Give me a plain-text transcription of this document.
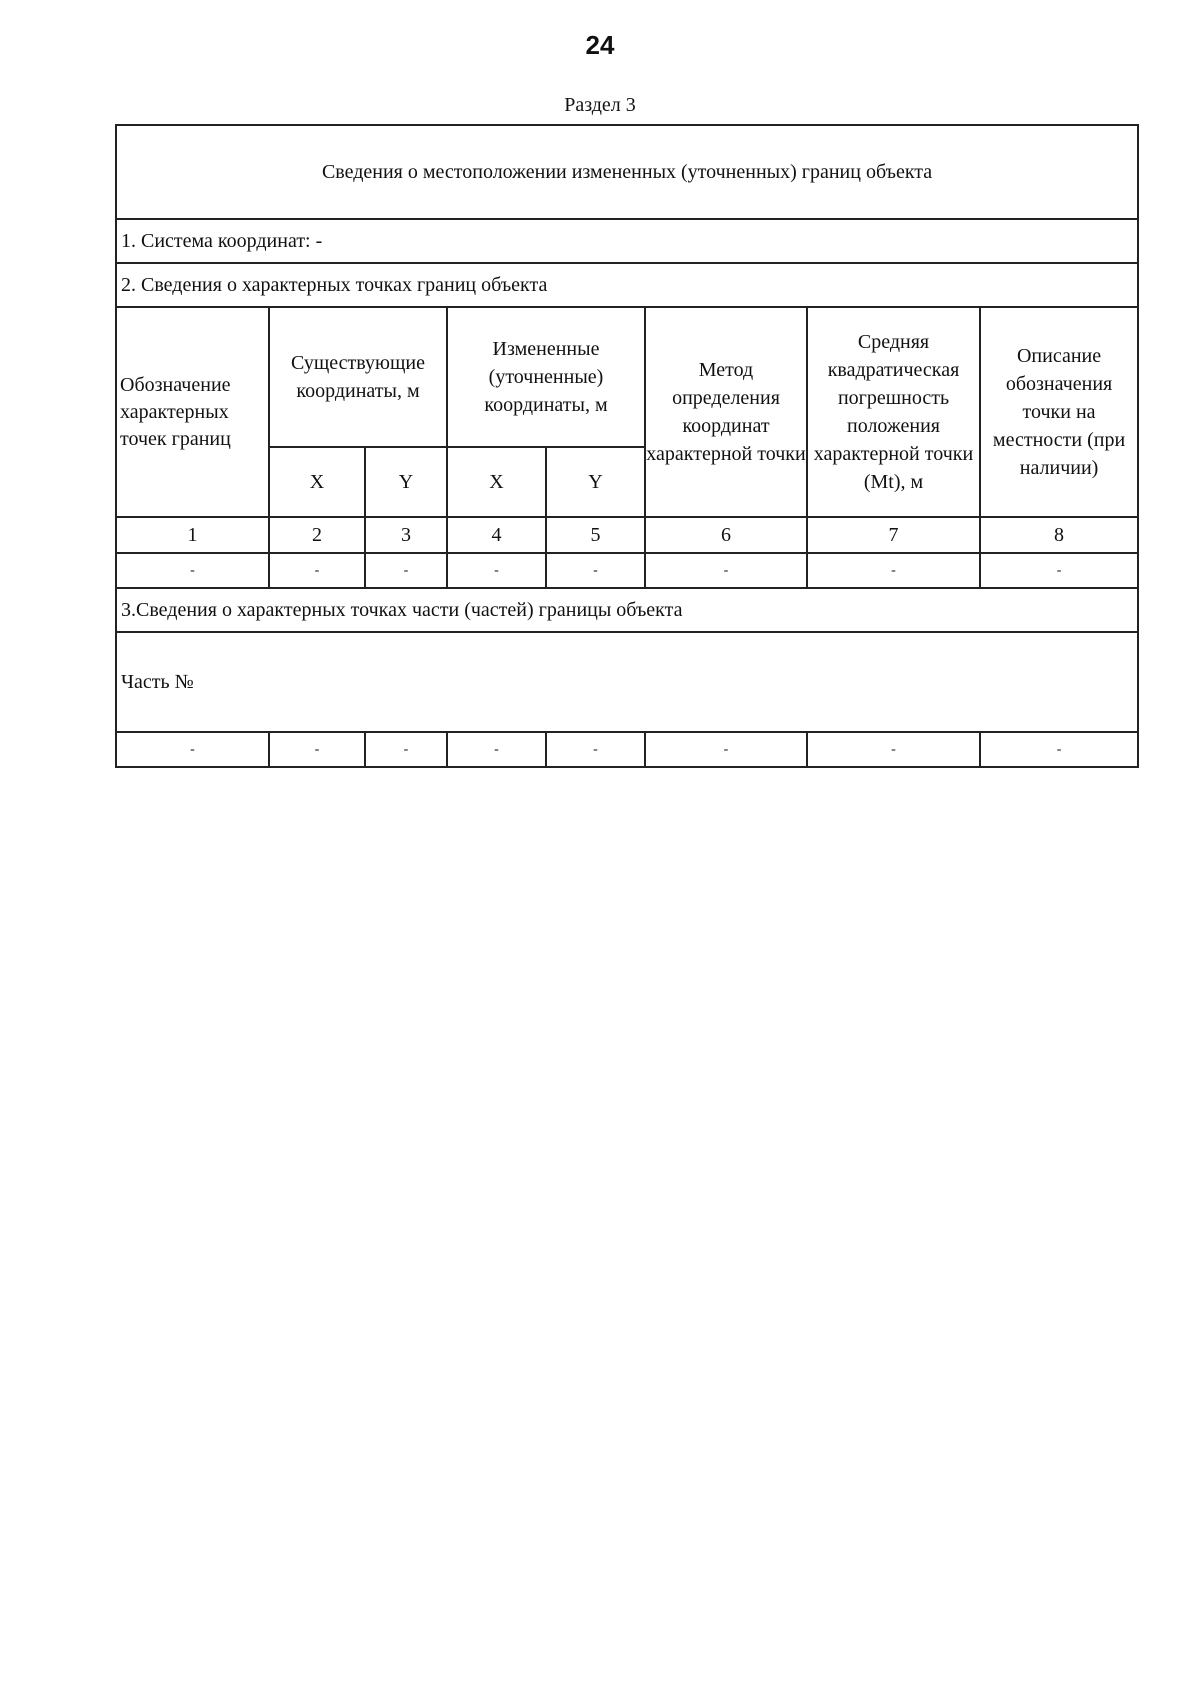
24
Раздел 3
Сведения о местоположении измененных (уточненных) границ объекта							
1. Система координат: -							
2. Сведения о характерных точках границ объекта							
Обозначение характерных точек границ	Существующие координаты, м		Измененные (уточненные) координаты, м		Метод определения координат характерной точки	Средняя квадратическая погрешность положения характерной точки (Mt), м	Описание обозначения точки на местности (при наличии)
	X	Y	X	Y			
1	2	3	4	5	6	7	8
-	-	-	-	-	-	-	-
3.Сведения о характерных точках части (частей) границы объекта							
Часть №							
-	-	-	-	-	-	-	-
